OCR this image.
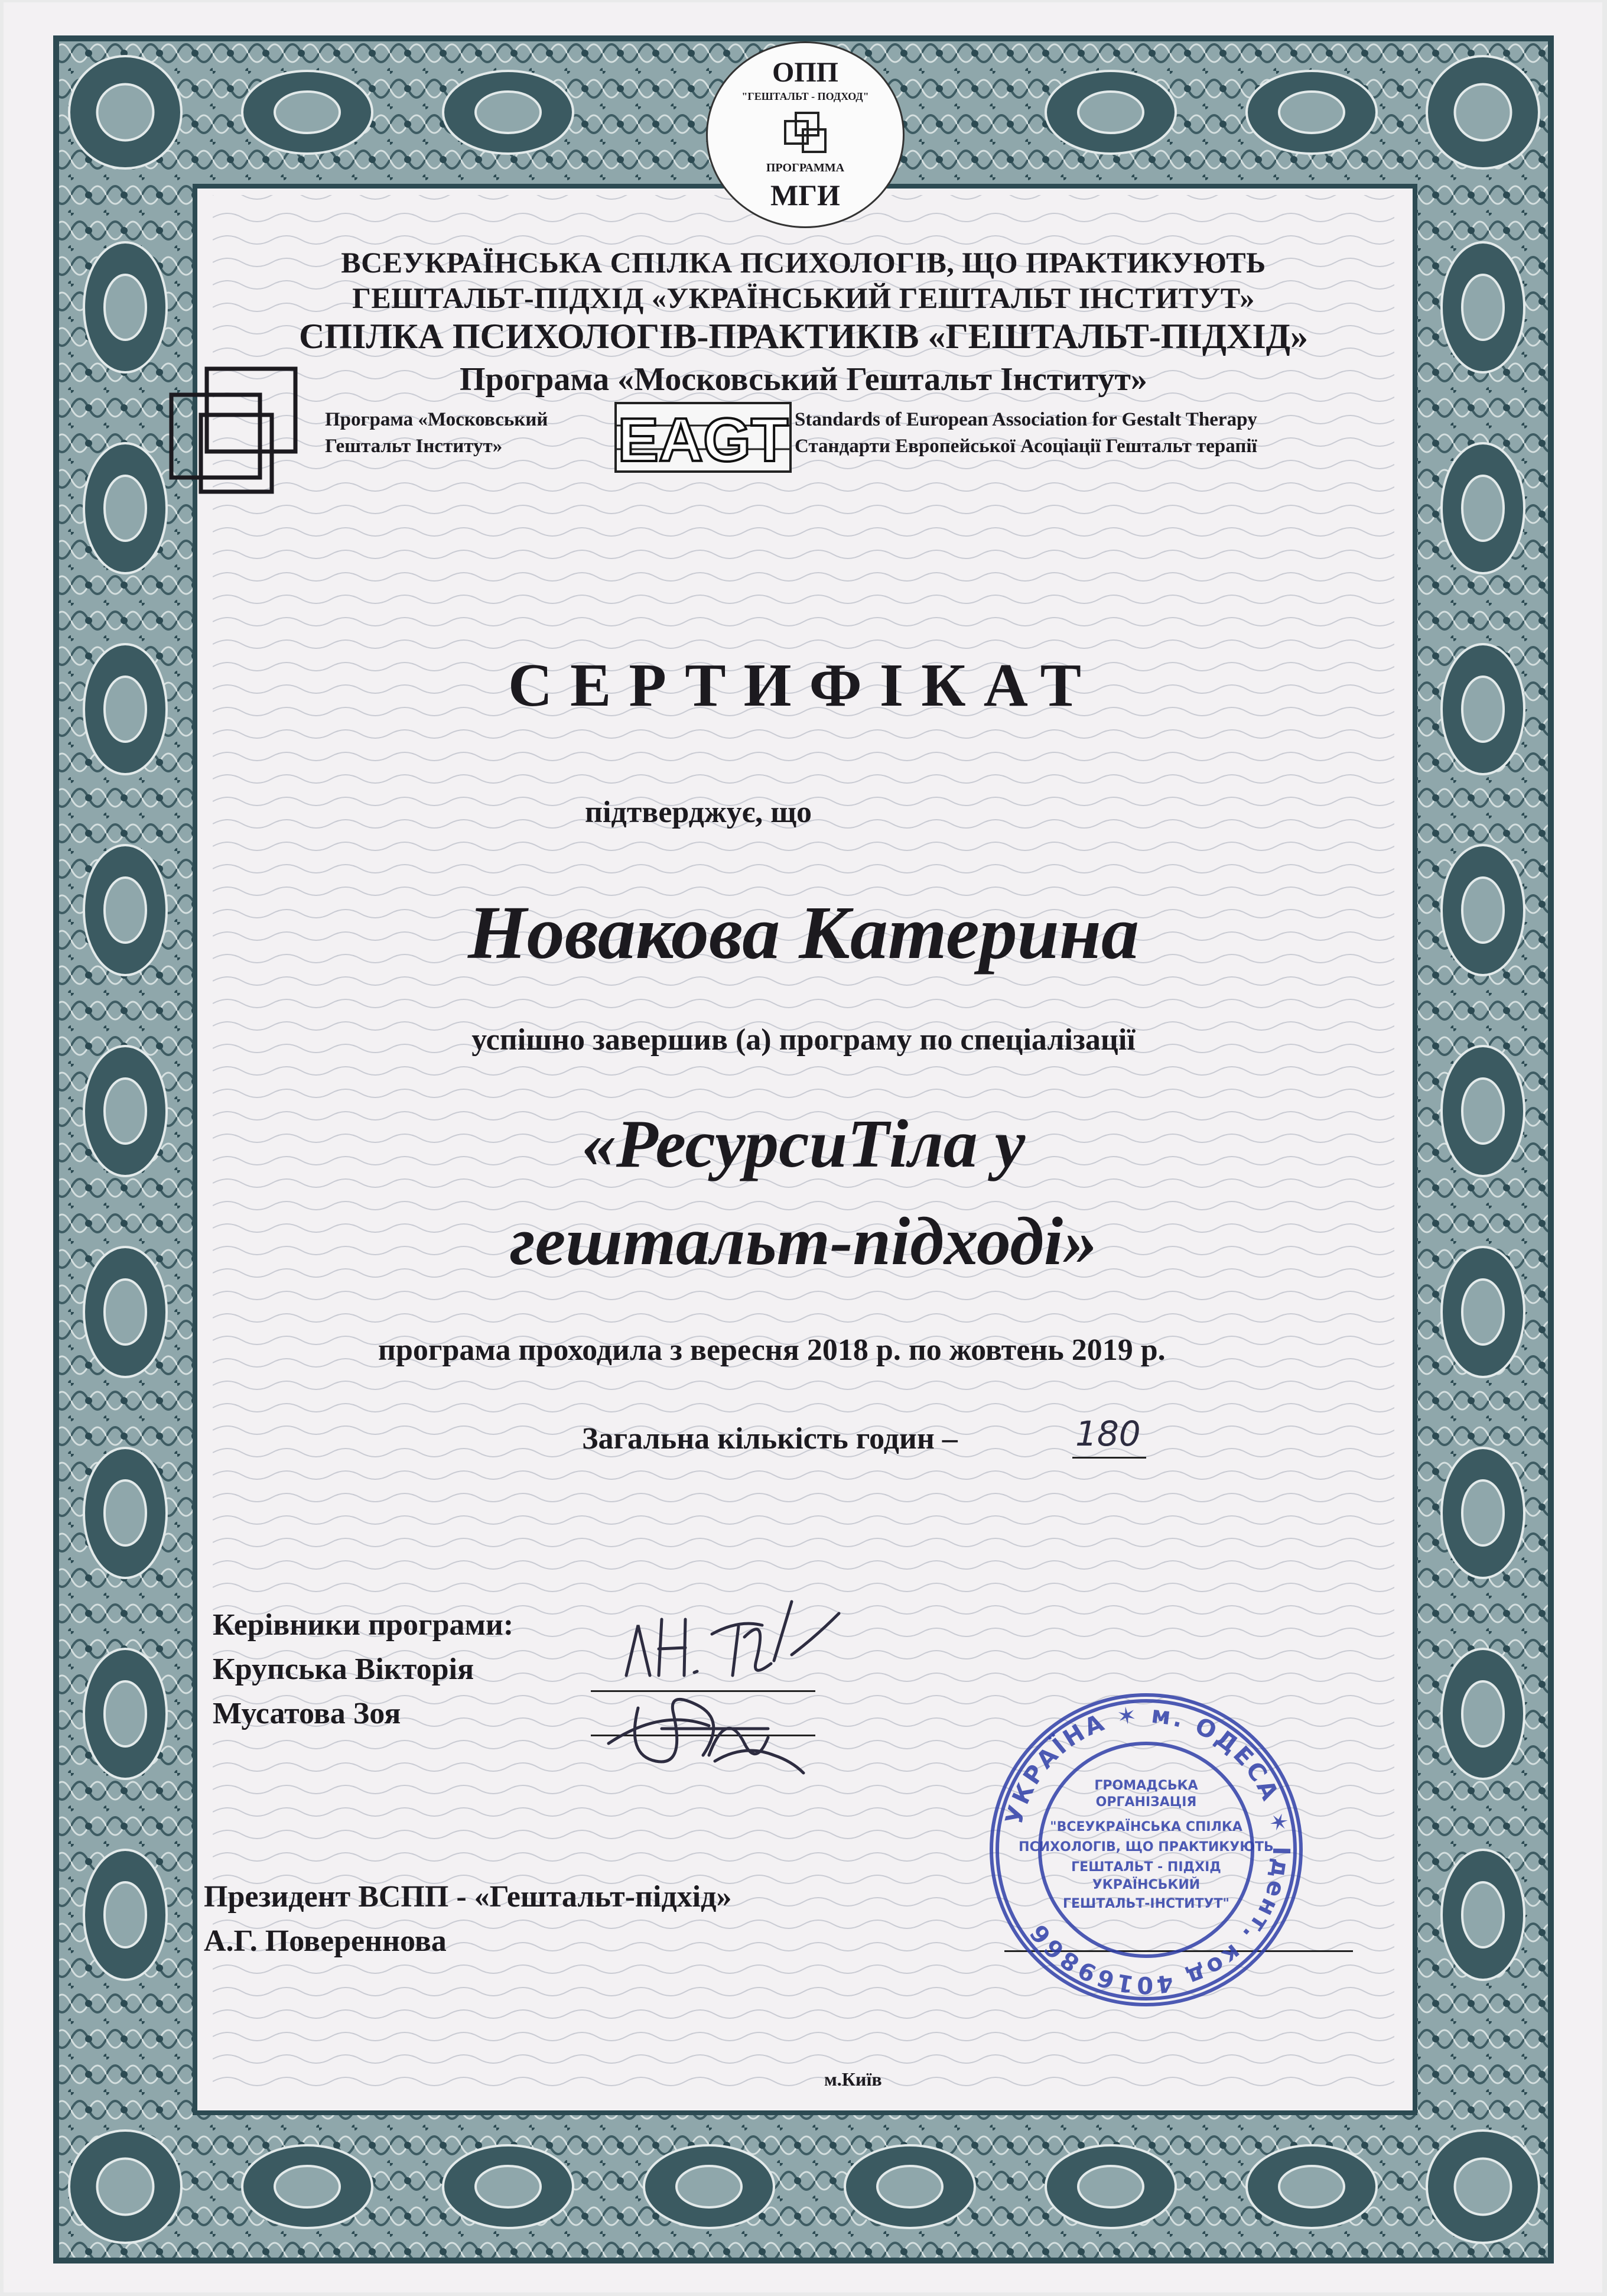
ОПП
"ГЕШТАЛЬТ - ПОДХОД"
ПРОГРАММА
МГИ
ВСЕУКРАЇНСЬКА СПІЛКА ПСИХОЛОГІВ, ЩО ПРАКТИКУЮТЬ
ГЕШТАЛЬТ-ПІДХІД «УКРАЇНСЬКИЙ ГЕШТАЛЬТ ІНСТИТУТ»
СПІЛКА ПСИХОЛОГІВ-ПРАКТИКІВ «ГЕШТАЛЬТ-ПІДХІД»
Програма «Московський Гештальт Інститут»
Програма «Московський
Гештальт Інститут» EAGT Standards of European Association for Gestalt Therapy
Стандарти Европейської Асоціації Гештальт терапії
СЕРТИФІКАТ
підтверджує, що
Новакова Катерина
успішно завершив (а) програму по спеціалізації
«РесурсиТіла у
гештальт-підході»
програма проходила з вересня 2018 р. по жовтень 2019 р.
Загальна кількість годин –	180
Керівники програми:
Крупська Вікторія
Мусатова Зоя
Президент ВСПП - «Гештальт-підхід»
А.Г. Повереннова
УКРАЇНА ✶ м. ОДЕСА ✶ Ідент. код 40169866
ГРОМАДСЬКА
ОРГАНІЗАЦІЯ
"ВСЕУКРАЇНСЬКА СПІЛКА
ПСИХОЛОГІВ, ЩО ПРАКТИКУЮТЬ
ГЕШТАЛЬТ - ПІДХІД
УКРАЇНСЬКИЙ
ГЕШТАЛЬТ-ІНСТИТУТ"
м.Київ
